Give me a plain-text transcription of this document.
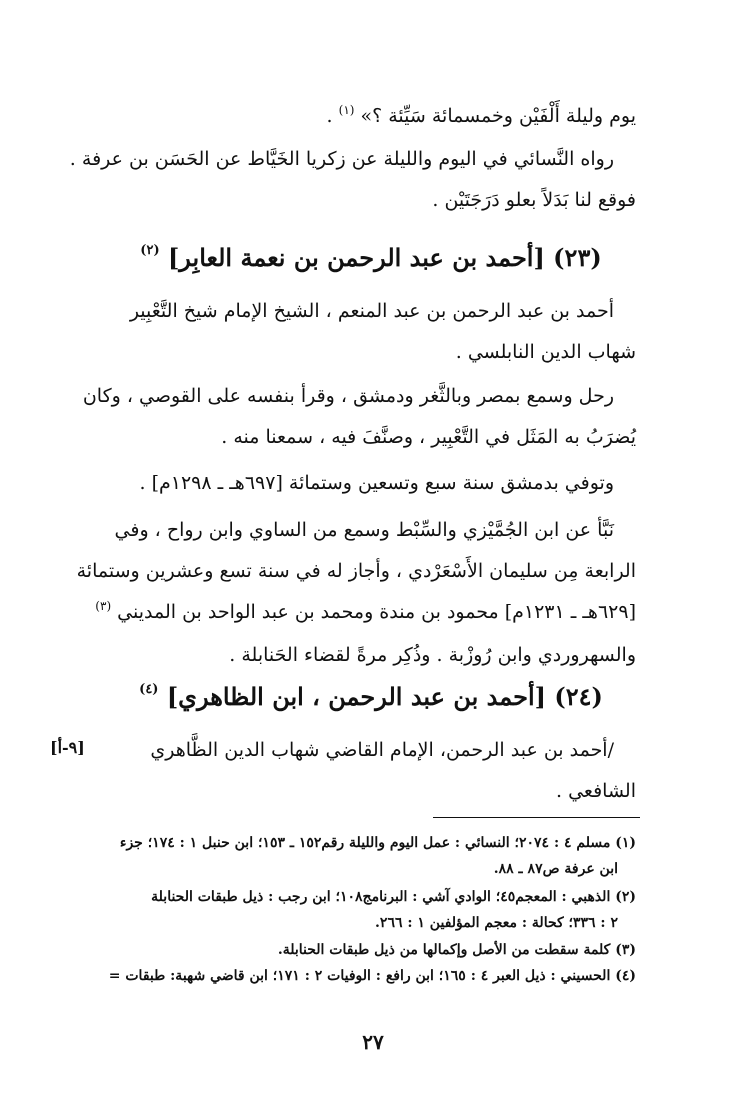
يوم وليلة أَلْفَيْن وخمسمائة سَيِّئة ؟» $^{(١)}$ .
رواه النَّسائي في اليوم والليلة عن زكريا الخَيَّاط عن الحَسَن بن عرفة .
فوقع لنا بَدَلاً بعلو دَرَجَتَيْن .
(٢٣) [أحمد بن عبد الرحمن بن نعمة العابِر] $^{(٢)}$
أحمد بن عبد الرحمن بن عبد المنعم ، الشيخ الإمام شيخ التَّعْبِير
شهاب الدين النابلسي .
رحل وسمع بمصر وبالثَّغر ودمشق ، وقرأ بنفسه على القوصي ، وكان
يُضرَبُ به المَثَل في التَّعْبِير ، وصنَّفَ فيه ، سمعنا منه .
وتوفي بدمشق سنة سبع وتسعين وستمائة [٦٩٧هـ ـ ١٢٩٨م] .
نَبَّأ عن ابن الجُمَّيْزي والسِّبْط وسمع من الساوي وابن رواح ، وفي
الرابعة مِن سليمان الأَسْعَرْدي ، وأجاز له في سنة تسع وعشرين وستمائة
[٦٢٩هـ ـ ١٢٣١م] محمود بن مندة ومحمد بن عبد الواحد بن المديني $^{(٣)}$
والسهروردي وابن رُوزْبة . وذُكِر مرةً لقضاء الحَنابلة .
(٢٤) [أحمد بن عبد الرحمن ، ابن الظاهري] $^{(٤)}$
/أحمد بن عبد الرحمن، الإمام القاضي شهاب الدين الظَّاهري
الشافعي .
[٩-أ]
(١) مسلم ٤ : ٢٠٧٤؛ النسائي : عمل اليوم والليلة رقم١٥٢ ـ ١٥٣؛ ابن حنبل ١ : ١٧٤؛ جزء
ابن عرفة ص٨٧ ـ ٨٨.
(٢) الذهبي : المعجم٤٥؛ الوادي آشي : البرنامج١٠٨؛ ابن رجب : ذيل طبقات الحنابلة
٢ : ٣٣٦؛ كحالة : معجم المؤلفين ١ : ٢٦٦.
(٣) كلمة سقطت من الأصل وإكمالها من ذيل طبقات الحنابلة.
(٤) الحسيني : ذيل العبر ٤ : ١٦٥؛ ابن رافع : الوفيات ٢ : ١٧١؛ ابن قاضي شهبة: طبقات =
٢٧
